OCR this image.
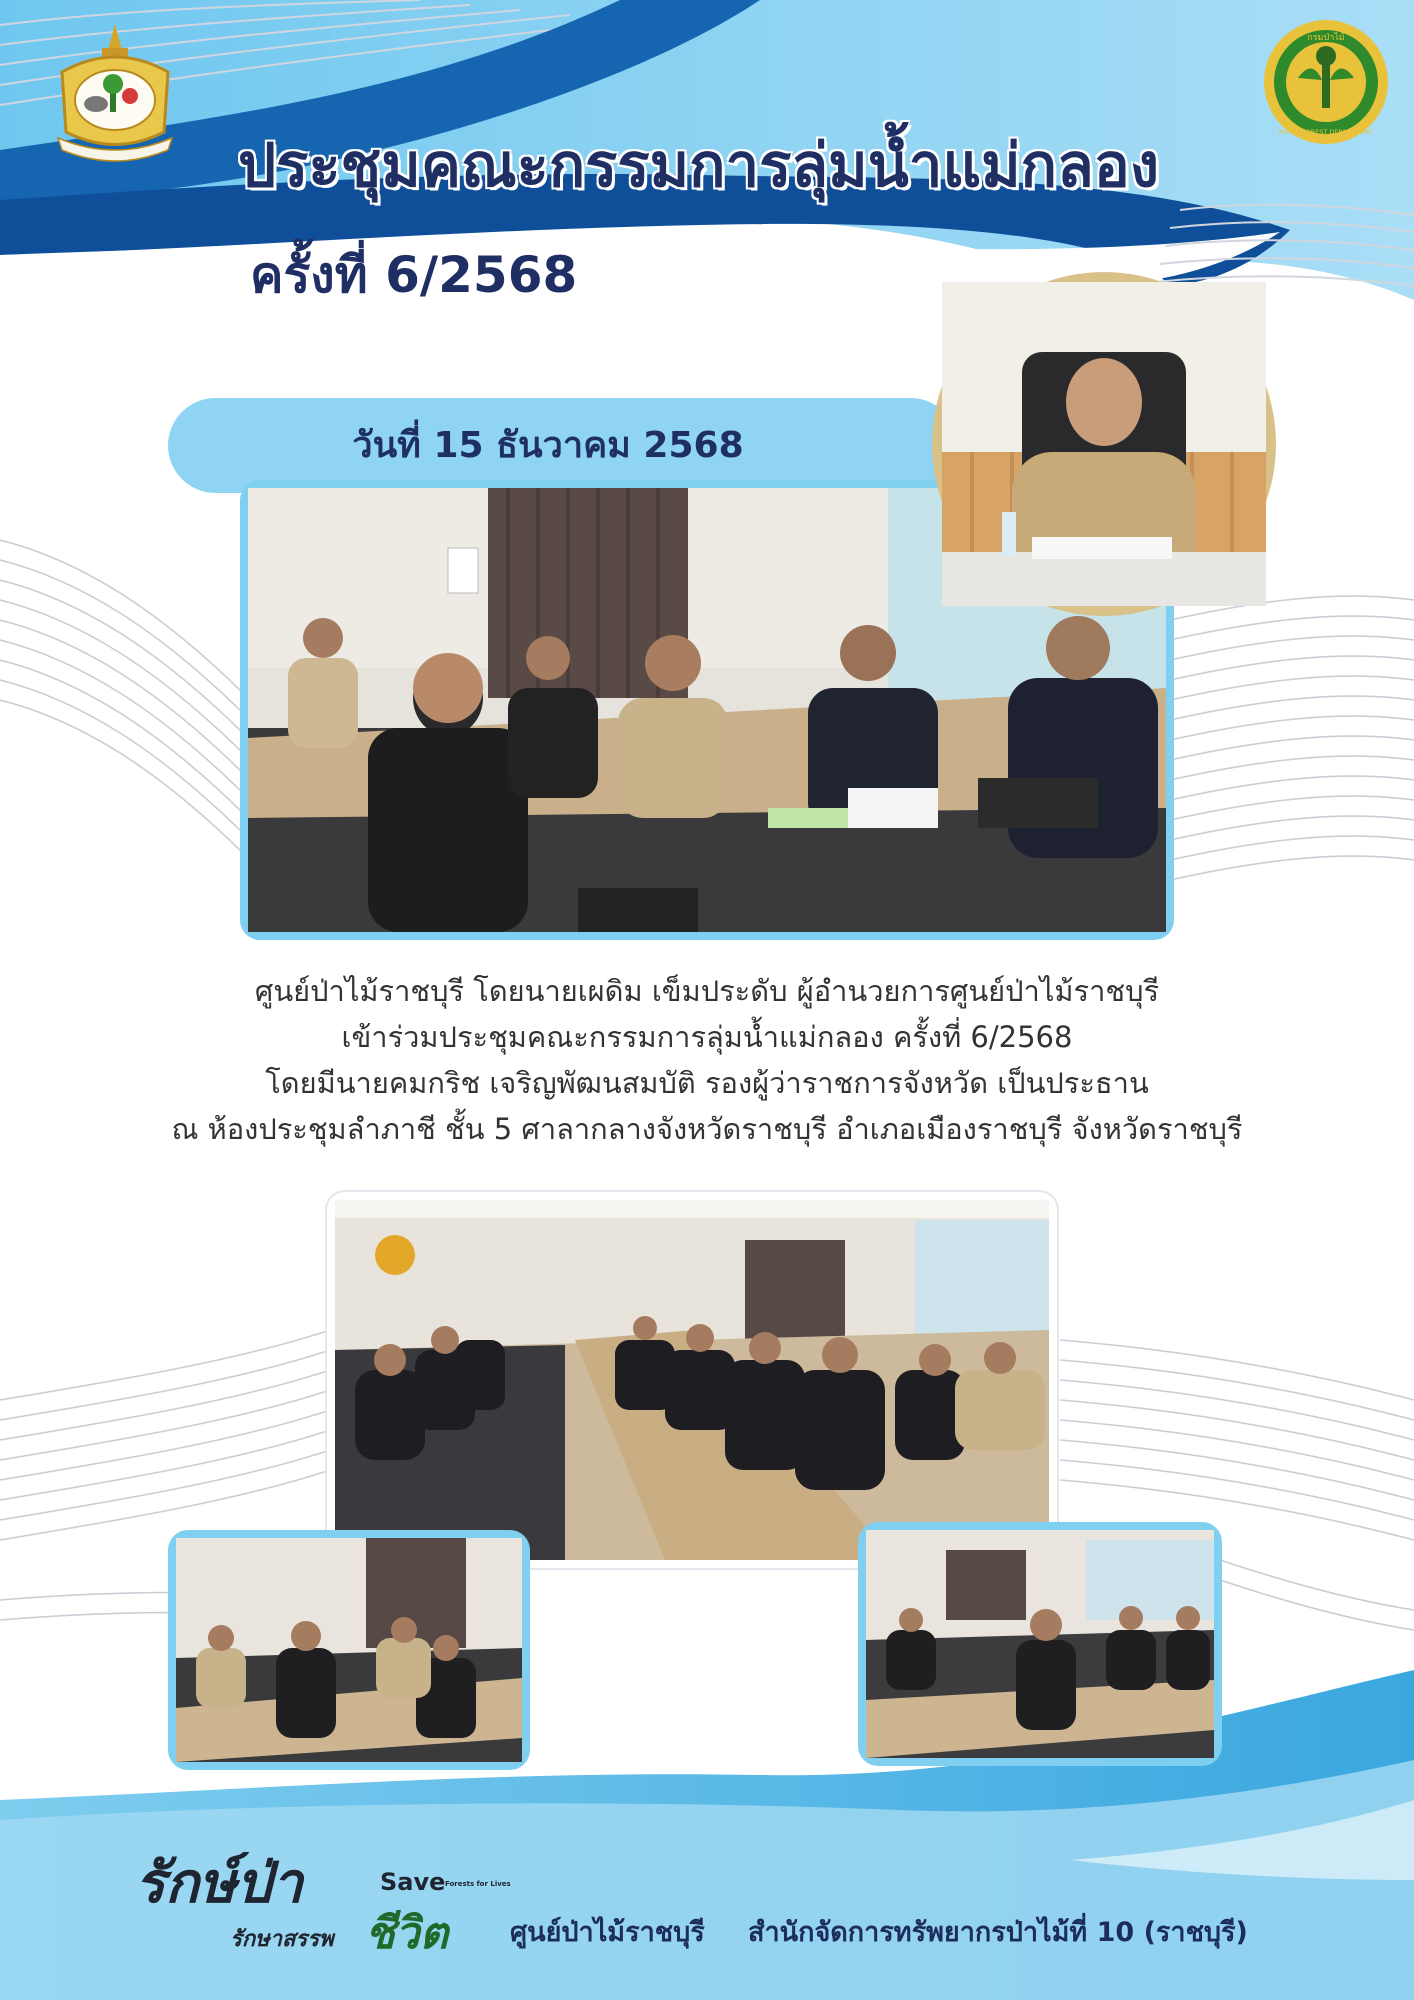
กรมป่าไม้
ROYAL FOREST DEPARTMENT
ประชุมคณะกรรมการลุ่มน้ำแม่กลอง
ครั้งที่ 6/2568
วันที่ 15 ธันวาคม 2568
ศูนย์ป่าไม้ราชบุรี โดยนายเผดิม เข็มประดับ ผู้อำนวยการศูนย์ป่าไม้ราชบุรี
เข้าร่วมประชุมคณะกรรมการลุ่มน้ำแม่กลอง ครั้งที่ 6/2568
โดยมีนายคมกริช เจริญพัฒนสมบัติ รองผู้ว่าราชการจังหวัด เป็นประธาน
ณ ห้องประชุมลำภาชี ชั้น 5 ศาลากลางจังหวัดราชบุรี อำเภอเมืองราชบุรี จังหวัดราชบุรี
รักษ์ป่า
รักษาสรรพ ชีวิต
Save Forests for Lives
ศูนย์ป่าไม้ราชบุรี สำนักจัดการทรัพยากรป่าไม้ที่ 10 (ราชบุรี)
